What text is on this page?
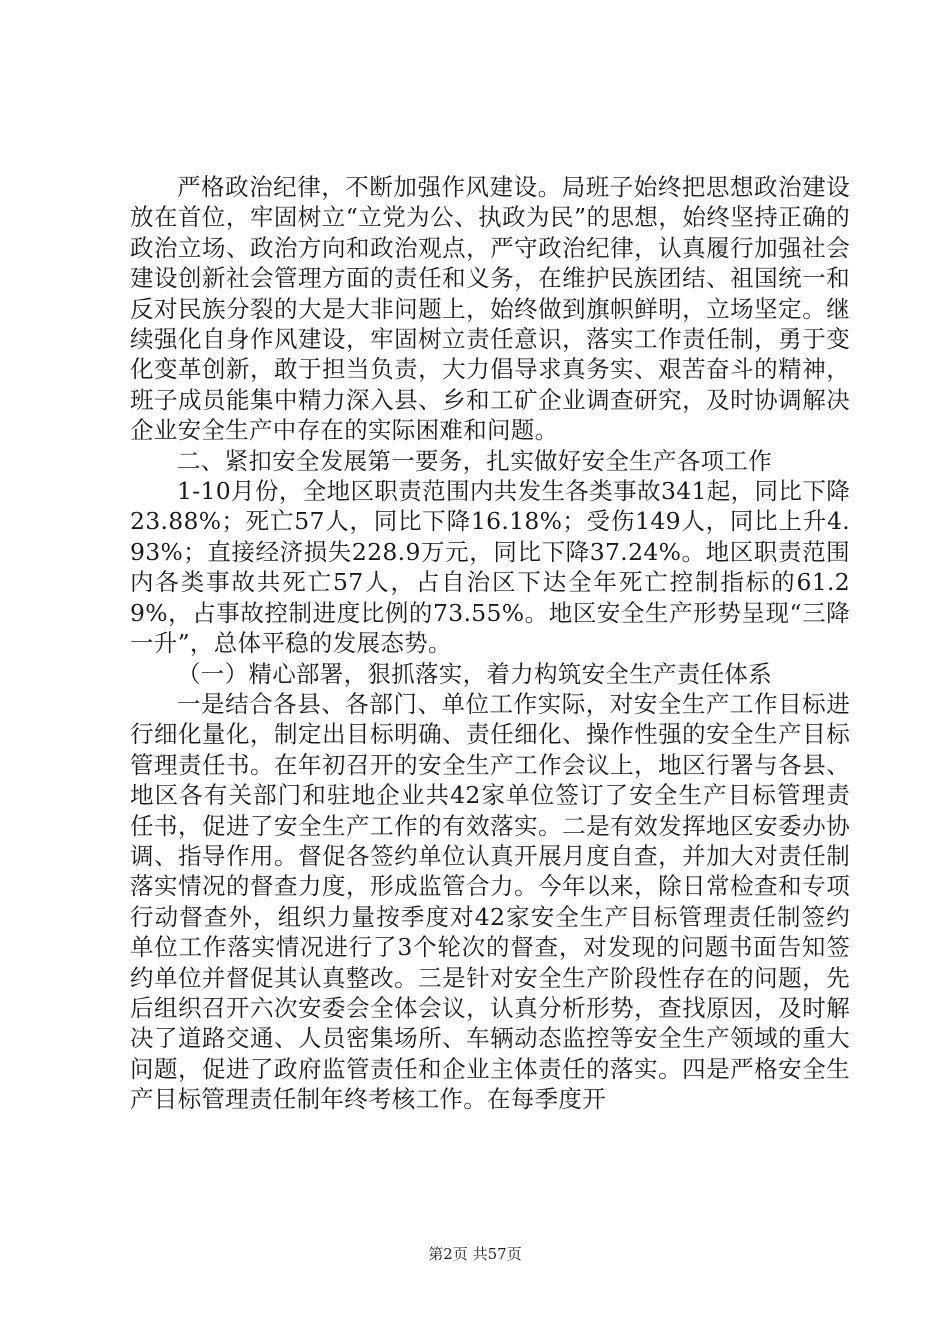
严格政治纪律，不断加强作风建设。局班子始终把思想政治建设放在首位，牢固树立“立党为公、执政为民”的思想，始终坚持正确的政治立场、政治方向和政治观点，严守政治纪律，认真履行加强社会建设创新社会管理方面的责任和义务，在维护民族团结、祖国统一和反对民族分裂的大是大非问题上，始终做到旗帜鲜明，立场坚定。继续强化自身作风建设，牢固树立责任意识，落实工作责任制，勇于变化变革创新，敢于担当负责，大力倡导求真务实、艰苦奋斗的精神，班子成员能集中精力深入县、乡和工矿企业调查研究，及时协调解决企业安全生产中存在的实际困难和问题。

二、紧扣安全发展第一要务，扎实做好安全生产各项工作

1-10月份，全地区职责范围内共发生各类事故341起，同比下降23.88%；死亡57人，同比下降16.18%；受伤149人，同比上升4.93%；直接经济损失228.9万元，同比下降37.24%。地区职责范围内各类事故共死亡57人，占自治区下达全年死亡控制指标的61.29%，占事故控制进度比例的73.55%。地区安全生产形势呈现“三降一升”，总体平稳的发展态势。

（一）精心部署，狠抓落实，着力构筑安全生产责任体系

一是结合各县、各部门、单位工作实际，对安全生产工作目标进行细化量化，制定出目标明确、责任细化、操作性强的安全生产目标管理责任书。在年初召开的安全生产工作会议上，地区行署与各县、地区各有关部门和驻地企业共42家单位签订了安全生产目标管理责任书，促进了安全生产工作的有效落实。二是有效发挥地区安委办协调、指导作用。督促各签约单位认真开展月度自查，并加大对责任制落实情况的督查力度，形成监管合力。今年以来，除日常检查和专项行动督查外，组织力量按季度对42家安全生产目标管理责任制签约单位工作落实情况进行了3个轮次的督查，对发现的问题书面告知签约单位并督促其认真整改。三是针对安全生产阶段性存在的问题，先后组织召开六次安委会全体会议，认真分析形势，查找原因，及时解决了道路交通、人员密集场所、车辆动态监控等安全生产领域的重大问题，促进了政府监管责任和企业主体责任的落实。四是严格安全生产目标管理责任制年终考核工作。在每季度开

第2页 共57页
